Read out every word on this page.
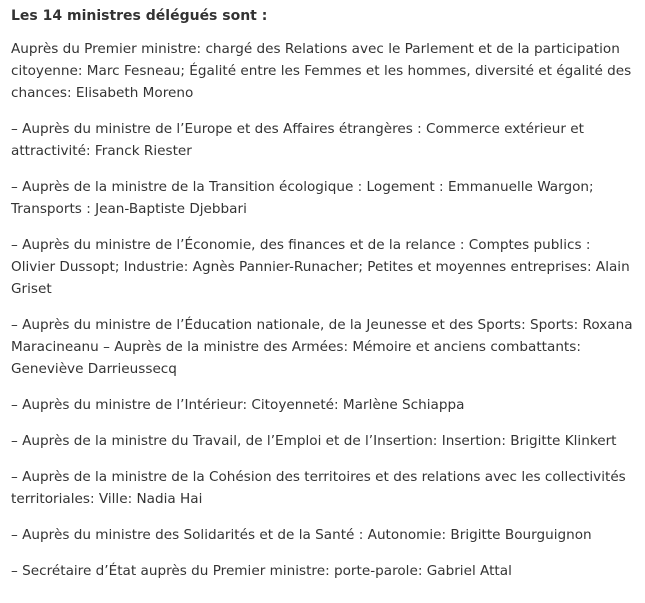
Les 14 ministres délégués sont :

Auprès du Premier ministre: chargé des Relations avec le Parlement et de la participation citoyenne: Marc Fesneau; Égalité entre les Femmes et les hommes, diversité et égalité des chances: Elisabeth Moreno

– Auprès du ministre de l’Europe et des Affaires étrangères : Commerce extérieur et attractivité: Franck Riester

– Auprès de la ministre de la Transition écologique : Logement : Emmanuelle Wargon; Transports : Jean-Baptiste Djebbari

– Auprès du ministre de l’Économie, des finances et de la relance : Comptes publics : Olivier Dussopt; Industrie: Agnès Pannier-Runacher; Petites et moyennes entreprises: Alain Griset

– Auprès du ministre de l’Éducation nationale, de la Jeunesse et des Sports: Sports: Roxana Maracineanu – Auprès de la ministre des Armées: Mémoire et anciens combattants: Geneviève Darrieussecq

– Auprès du ministre de l’Intérieur: Citoyenneté: Marlène Schiappa

– Auprès de la ministre du Travail, de l’Emploi et de l’Insertion: Insertion: Brigitte Klinkert

– Auprès de la ministre de la Cohésion des territoires et des relations avec les collectivités territoriales: Ville: Nadia Hai

– Auprès du ministre des Solidarités et de la Santé : Autonomie: Brigitte Bourguignon

– Secrétaire d’État auprès du Premier ministre: porte-parole: Gabriel Attal
